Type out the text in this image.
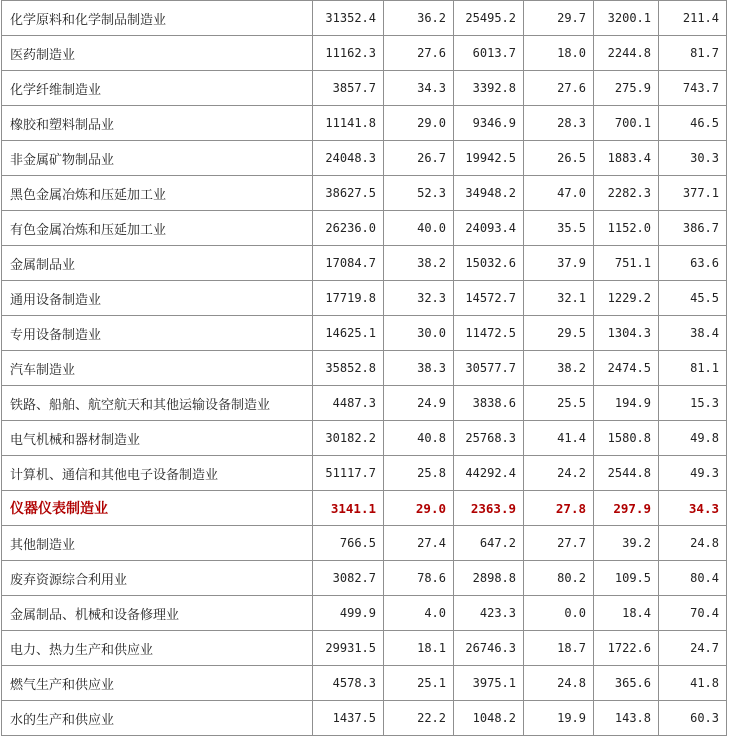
化学原料和化学制品制造业	31352.4	36.2	25495.2	29.7	3200.1	211.4
医药制造业	11162.3	27.6	6013.7	18.0	2244.8	81.7
化学纤维制造业	3857.7	34.3	3392.8	27.6	275.9	743.7
橡胶和塑料制品业	11141.8	29.0	9346.9	28.3	700.1	46.5
非金属矿物制品业	24048.3	26.7	19942.5	26.5	1883.4	30.3
黑色金属冶炼和压延加工业	38627.5	52.3	34948.2	47.0	2282.3	377.1
有色金属冶炼和压延加工业	26236.0	40.0	24093.4	35.5	1152.0	386.7
金属制品业	17084.7	38.2	15032.6	37.9	751.1	63.6
通用设备制造业	17719.8	32.3	14572.7	32.1	1229.2	45.5
专用设备制造业	14625.1	30.0	11472.5	29.5	1304.3	38.4
汽车制造业	35852.8	38.3	30577.7	38.2	2474.5	81.1
铁路、船舶、航空航天和其他运输设备制造业	4487.3	24.9	3838.6	25.5	194.9	15.3
电气机械和器材制造业	30182.2	40.8	25768.3	41.4	1580.8	49.8
计算机、通信和其他电子设备制造业	51117.7	25.8	44292.4	24.2	2544.8	49.3
仪器仪表制造业	3141.1	29.0	2363.9	27.8	297.9	34.3
其他制造业	766.5	27.4	647.2	27.7	39.2	24.8
废弃资源综合利用业	3082.7	78.6	2898.8	80.2	109.5	80.4
金属制品、机械和设备修理业	499.9	4.0	423.3	0.0	18.4	70.4
电力、热力生产和供应业	29931.5	18.1	26746.3	18.7	1722.6	24.7
燃气生产和供应业	4578.3	25.1	3975.1	24.8	365.6	41.8
水的生产和供应业	1437.5	22.2	1048.2	19.9	143.8	60.3
